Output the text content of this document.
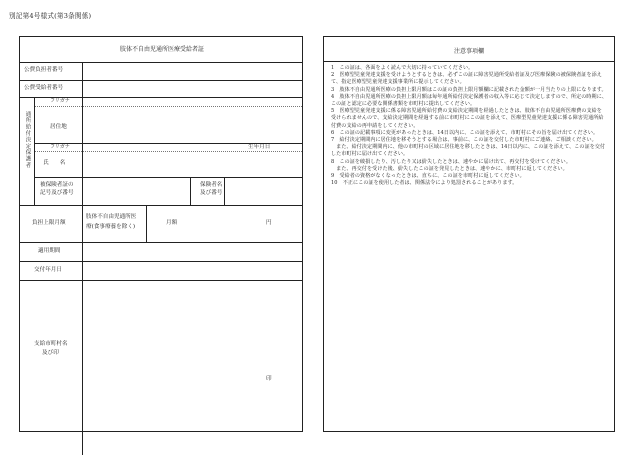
別記第4号様式(第3条関係)
肢体不自由児通所医療受給者証
公費負担者番号
公費受給者番号
通所給付決定保護者
フリガナ
居住地
フリガナ	生年月日
氏　　名
被保険者証の
記号及び番号
保険者名
及び番号
負担上限月額
肢体不自由児通所医
療(食事療養を除く)
月額	円
適用期間
交付年月日
支給市町村名
及び印
印
注意事項欄

1　この証は、各面をよく読んで大切に持っていてください。

2　医療型児童発達支援を受けようとするときは、必ずこの証に障害児通所受給者証及び医療保険の被保険者証を添えて、指定医療型児童発達支援事業所に提示してください。

3　肢体不自由児通所医療の負担上限月額はこの証の負担上限月額欄に記載された金額が一月当たりの上限になります。

4　肢体不自由児通所医療の負担上限月額は毎年通所給付決定保護者の収入等に応じて決定しますので、所定の時期に、この証と認定に必要な関係書類を市町村に提出してください。

5　医療型児童発達支援に係る障害児通所給付費の支給決定期間を経過したときは、肢体不自由児通所医療費の支給を受けられませんので、支給決定期間を経過する前に市町村にこの証を添えて、医療型児童発達支援に係る障害児通所給付費の支給の再申請をしてください。

6　この証の記載事項に変更があったときは、14日以内に、この証を添えて、市町村にその旨を届け出てください。

7　給付決定期間内に居住地を移そうとする場合は、事前に、この証を交付した市町村にご連絡、ご相談ください。

　また、給付決定期間内に、他の市町村の区域に居住地を移したときは、14日以内に、この証を添えて、この証を交付した市町村に届け出てください。

8　この証を破損したり、汚したり又は紛失したときは、速やかに届け出て、再交付を受けてください。

　また、再交付を受けた後、紛失したこの証を発見したときは、速やかに、市町村に返してください。

9　受給者の資格がなくなったときは、直ちに、この証を市町村に返してください。

10　不正にこの証を使用した者は、関係法令により処罰されることがあります。
